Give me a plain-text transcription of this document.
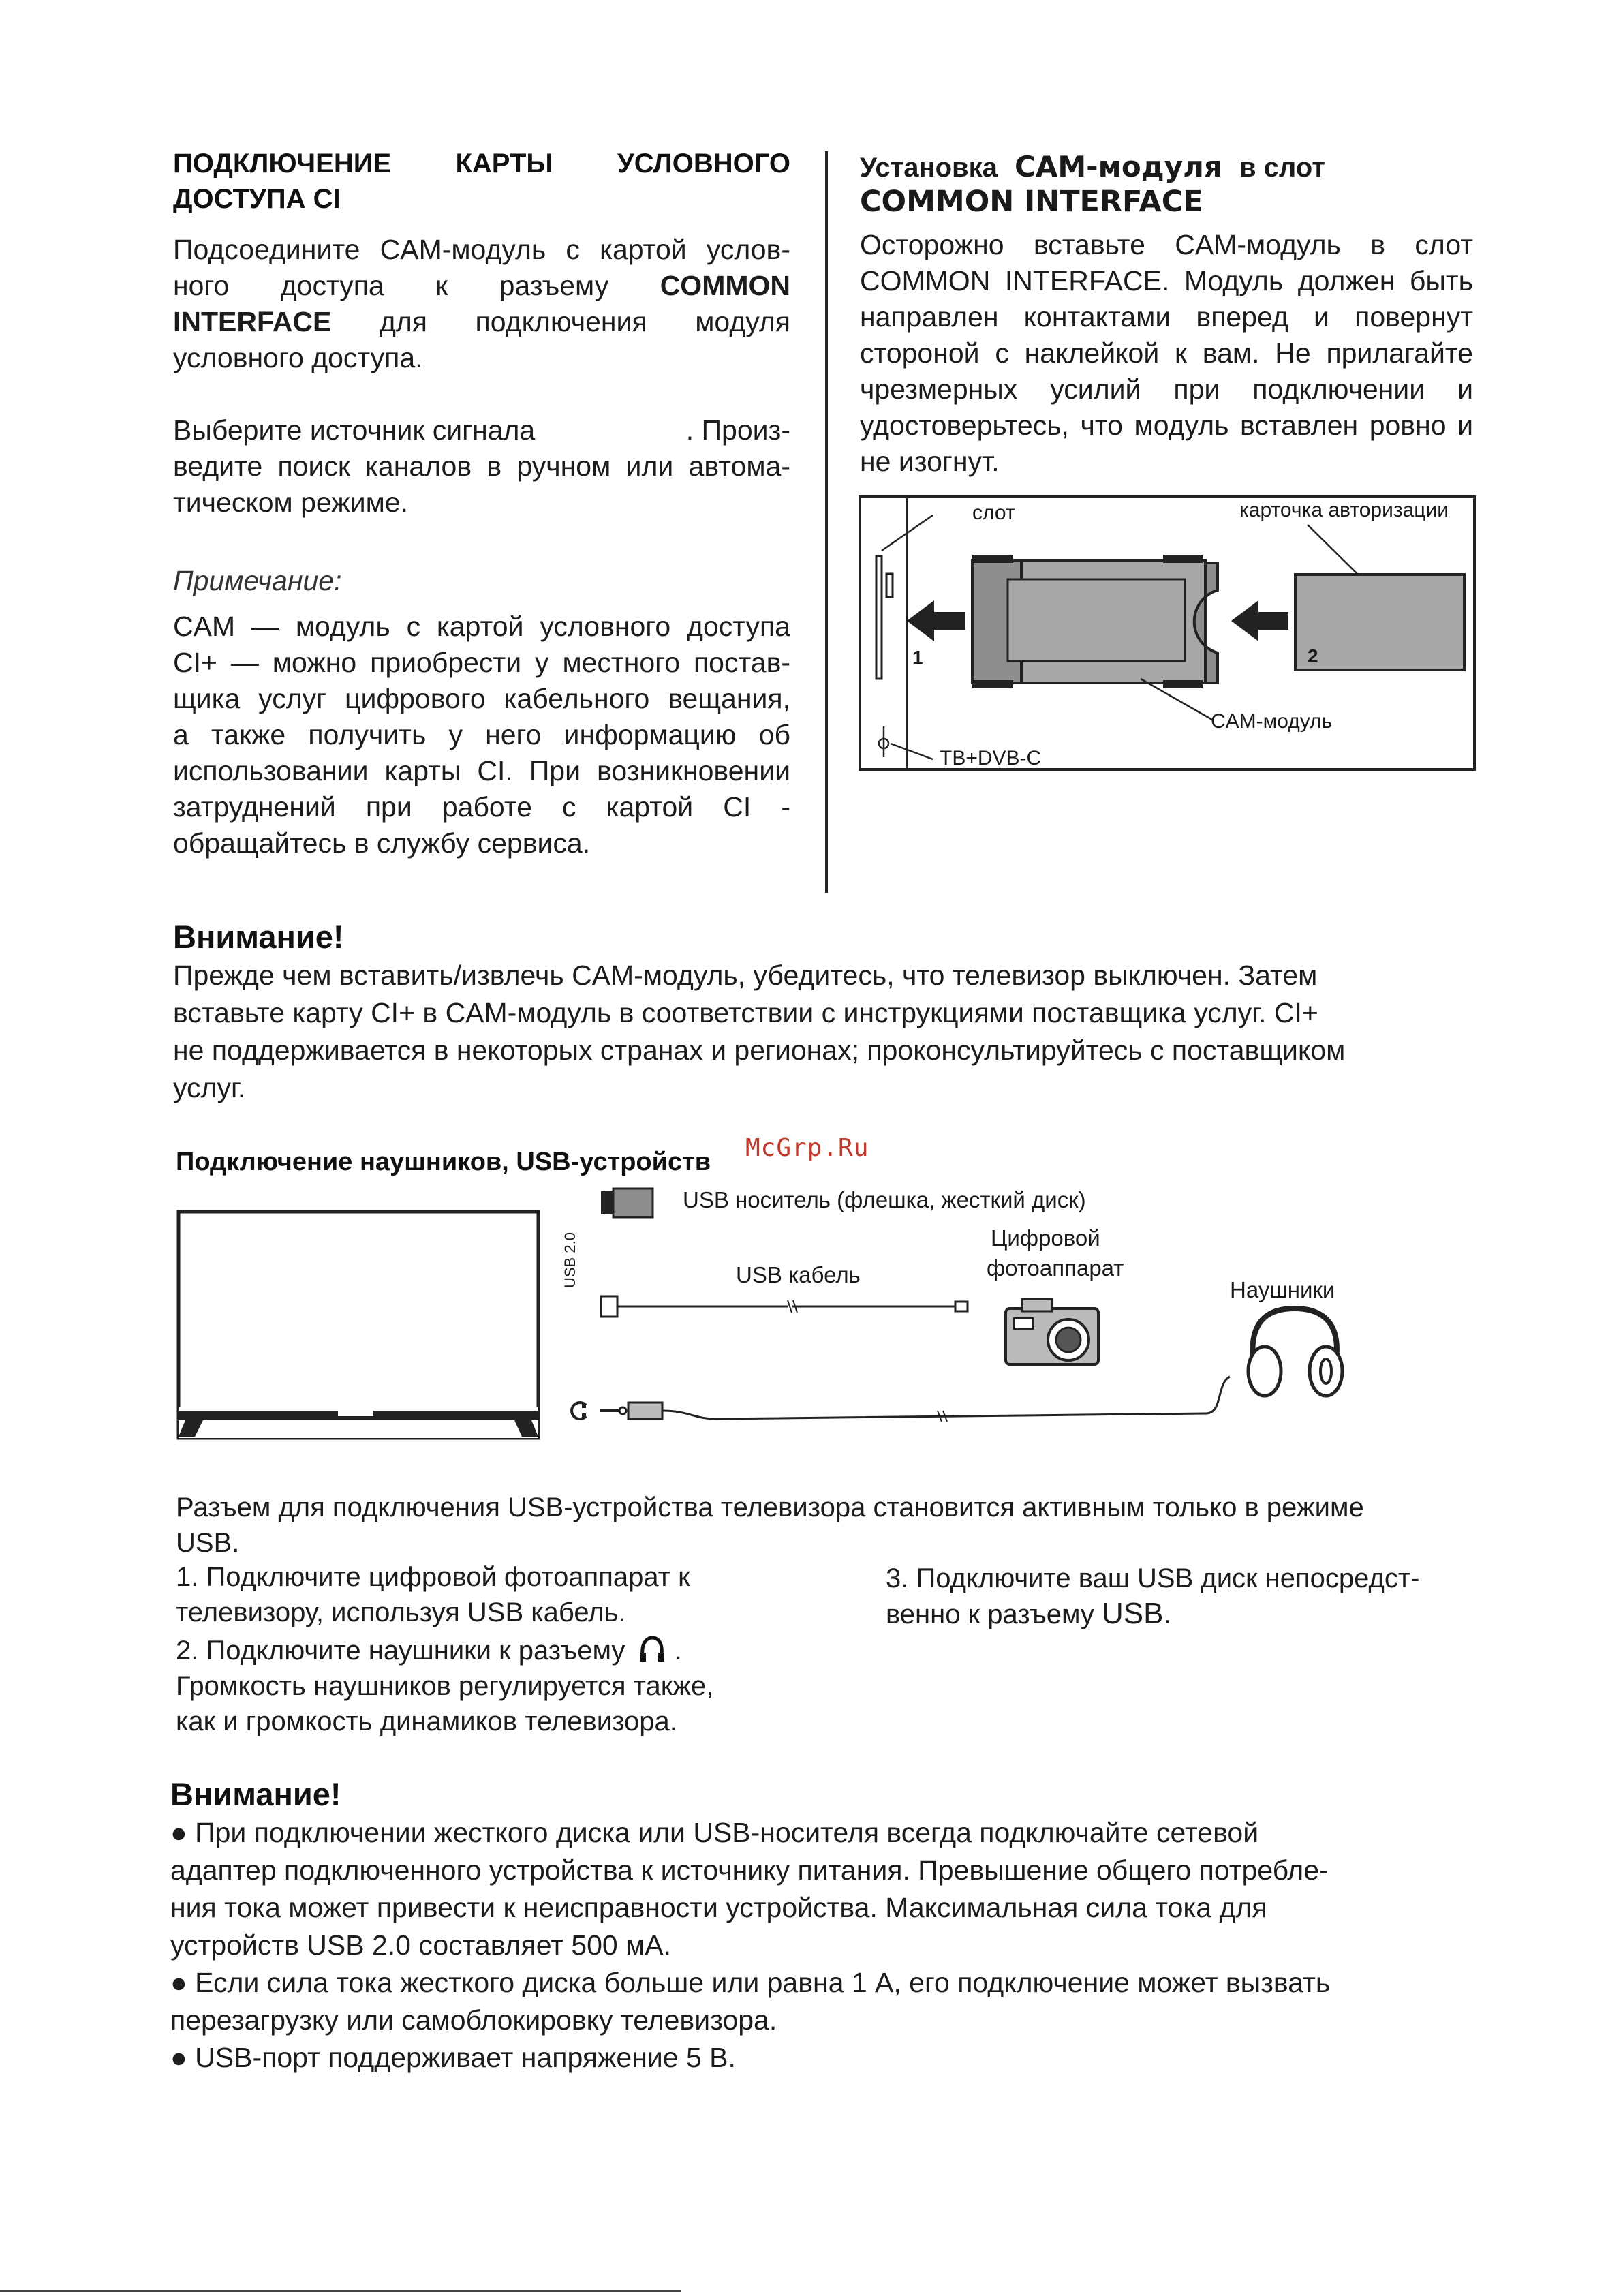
ПОДКЛЮЧЕНИЕ КАРТЫ УСЛОВНОГО
ДОСТУПА CI
Подсоедините CAM-модуль с картой услов-
ного доступа к разъему COMMON
INTERFACE для подключения модуля
условного доступа.
Выберите источник сигнала	. Произ-
ведите поиск каналов в ручном или автома-
тическом режиме.
Примечание:
CAM — модуль с картой условного доступа
CI+ — можно приобрести у местного постав-
щика услуг цифрового кабельного вещания,
а также получить у него информацию об
использовании карты CI. При возникновении
затруднений при работе с картой CI -
обращайтесь в службу сервиса.
Установка CAM-модуля в слот
COMMON INTERFACE
Осторожно вставьте CAM-модуль в слот
COMMON INTERFACE. Модуль должен быть
направлен контактами вперед и повернут
стороной с наклейкой к вам. Не прилагайте
чрезмерных усилий при подключении и
удостоверьтесь, что модуль вставлен ровно и
не изогнут.
слот	карточка авторизации
1
CAM-модуль
2
ТВ+DVB-C
Внимание!
Прежде чем вставить/извлечь CAM-модуль, убедитесь, что телевизор выключен. Затем
вставьте карту CI+ в CAM-модуль в соответствии с инструкциями поставщика услуг. CI+
не поддерживается в некоторых странах и регионах; проконсультируйтесь с поставщиком
услуг.
Подключение наушников, USB-устройств McGrp.Ru
USB 2.0
USB носитель (флешка, жесткий диск)
USB кабель
Цифровой
фотоаппарат
Наушники
Разъем для подключения USB-устройства телевизора становится активным только в режиме
USB.
1. Подключите цифровой фотоаппарат к
телевизору, используя USB кабель.
2. Подключите наушники к разъему .
Громкость наушников регулируется также,
как и громкость динамиков телевизора.
3. Подключите ваш USB диск непосредст-
венно к разъему USB.
Внимание!
● При подключении жесткого диска или USB-носителя всегда подключайте сетевой
адаптер подключенного устройства к источнику питания. Превышение общего потребле-
ния тока может привести к неисправности устройства. Максимальная сила тока для
устройств USB 2.0 составляет 500 мА.
● Если сила тока жесткого диска больше или равна 1 А, его подключение может вызвать
перезагрузку или самоблокировку телевизора.
● USB-порт поддерживает напряжение 5 В.
